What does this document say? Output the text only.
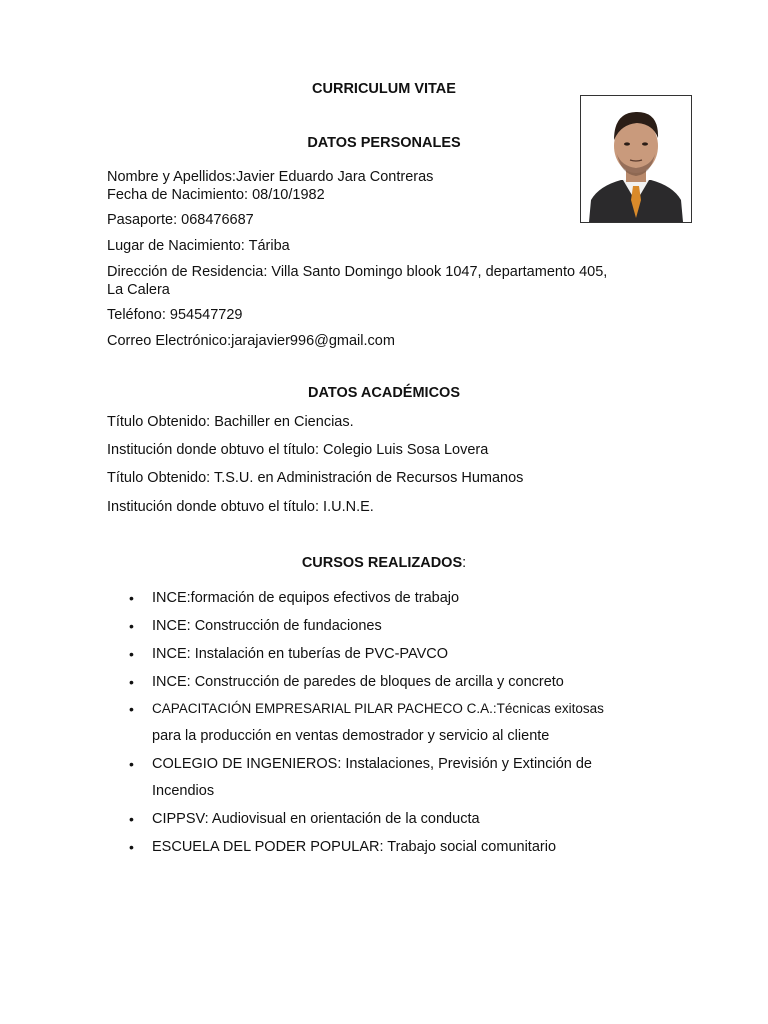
CURRICULUM VITAE
DATOS PERSONALES
Nombre y Apellidos:Javier Eduardo Jara Contreras
Fecha de Nacimiento: 08/10/1982
Pasaporte: 068476687
Lugar de Nacimiento: Táriba
Dirección de Residencia: Villa Santo Domingo blook 1047, departamento 405,
La Calera
Teléfono: 954547729
Correo Electrónico:jarajavier996@gmail.com
DATOS ACADÉMICOS
Título Obtenido: Bachiller en Ciencias.
Institución donde obtuvo el título: Colegio Luis Sosa Lovera
Título Obtenido: T.S.U. en Administración de Recursos Humanos
Institución donde obtuvo el título: I.U.N.E.
CURSOS REALIZADOS:
• INCE:formación de equipos efectivos de trabajo
• INCE: Construcción de fundaciones
• INCE: Instalación en tuberías de PVC-PAVCO
• INCE: Construcción de paredes de bloques de arcilla y concreto
• CAPACITACIÓN EMPRESARIAL PILAR PACHECO C.A.:Técnicas exitosas
para la producción en ventas demostrador y servicio al cliente
• COLEGIO DE INGENIEROS: Instalaciones, Previsión y Extinción de
Incendios
• CIPPSV: Audiovisual en orientación de la conducta
• ESCUELA DEL PODER POPULAR: Trabajo social comunitario
